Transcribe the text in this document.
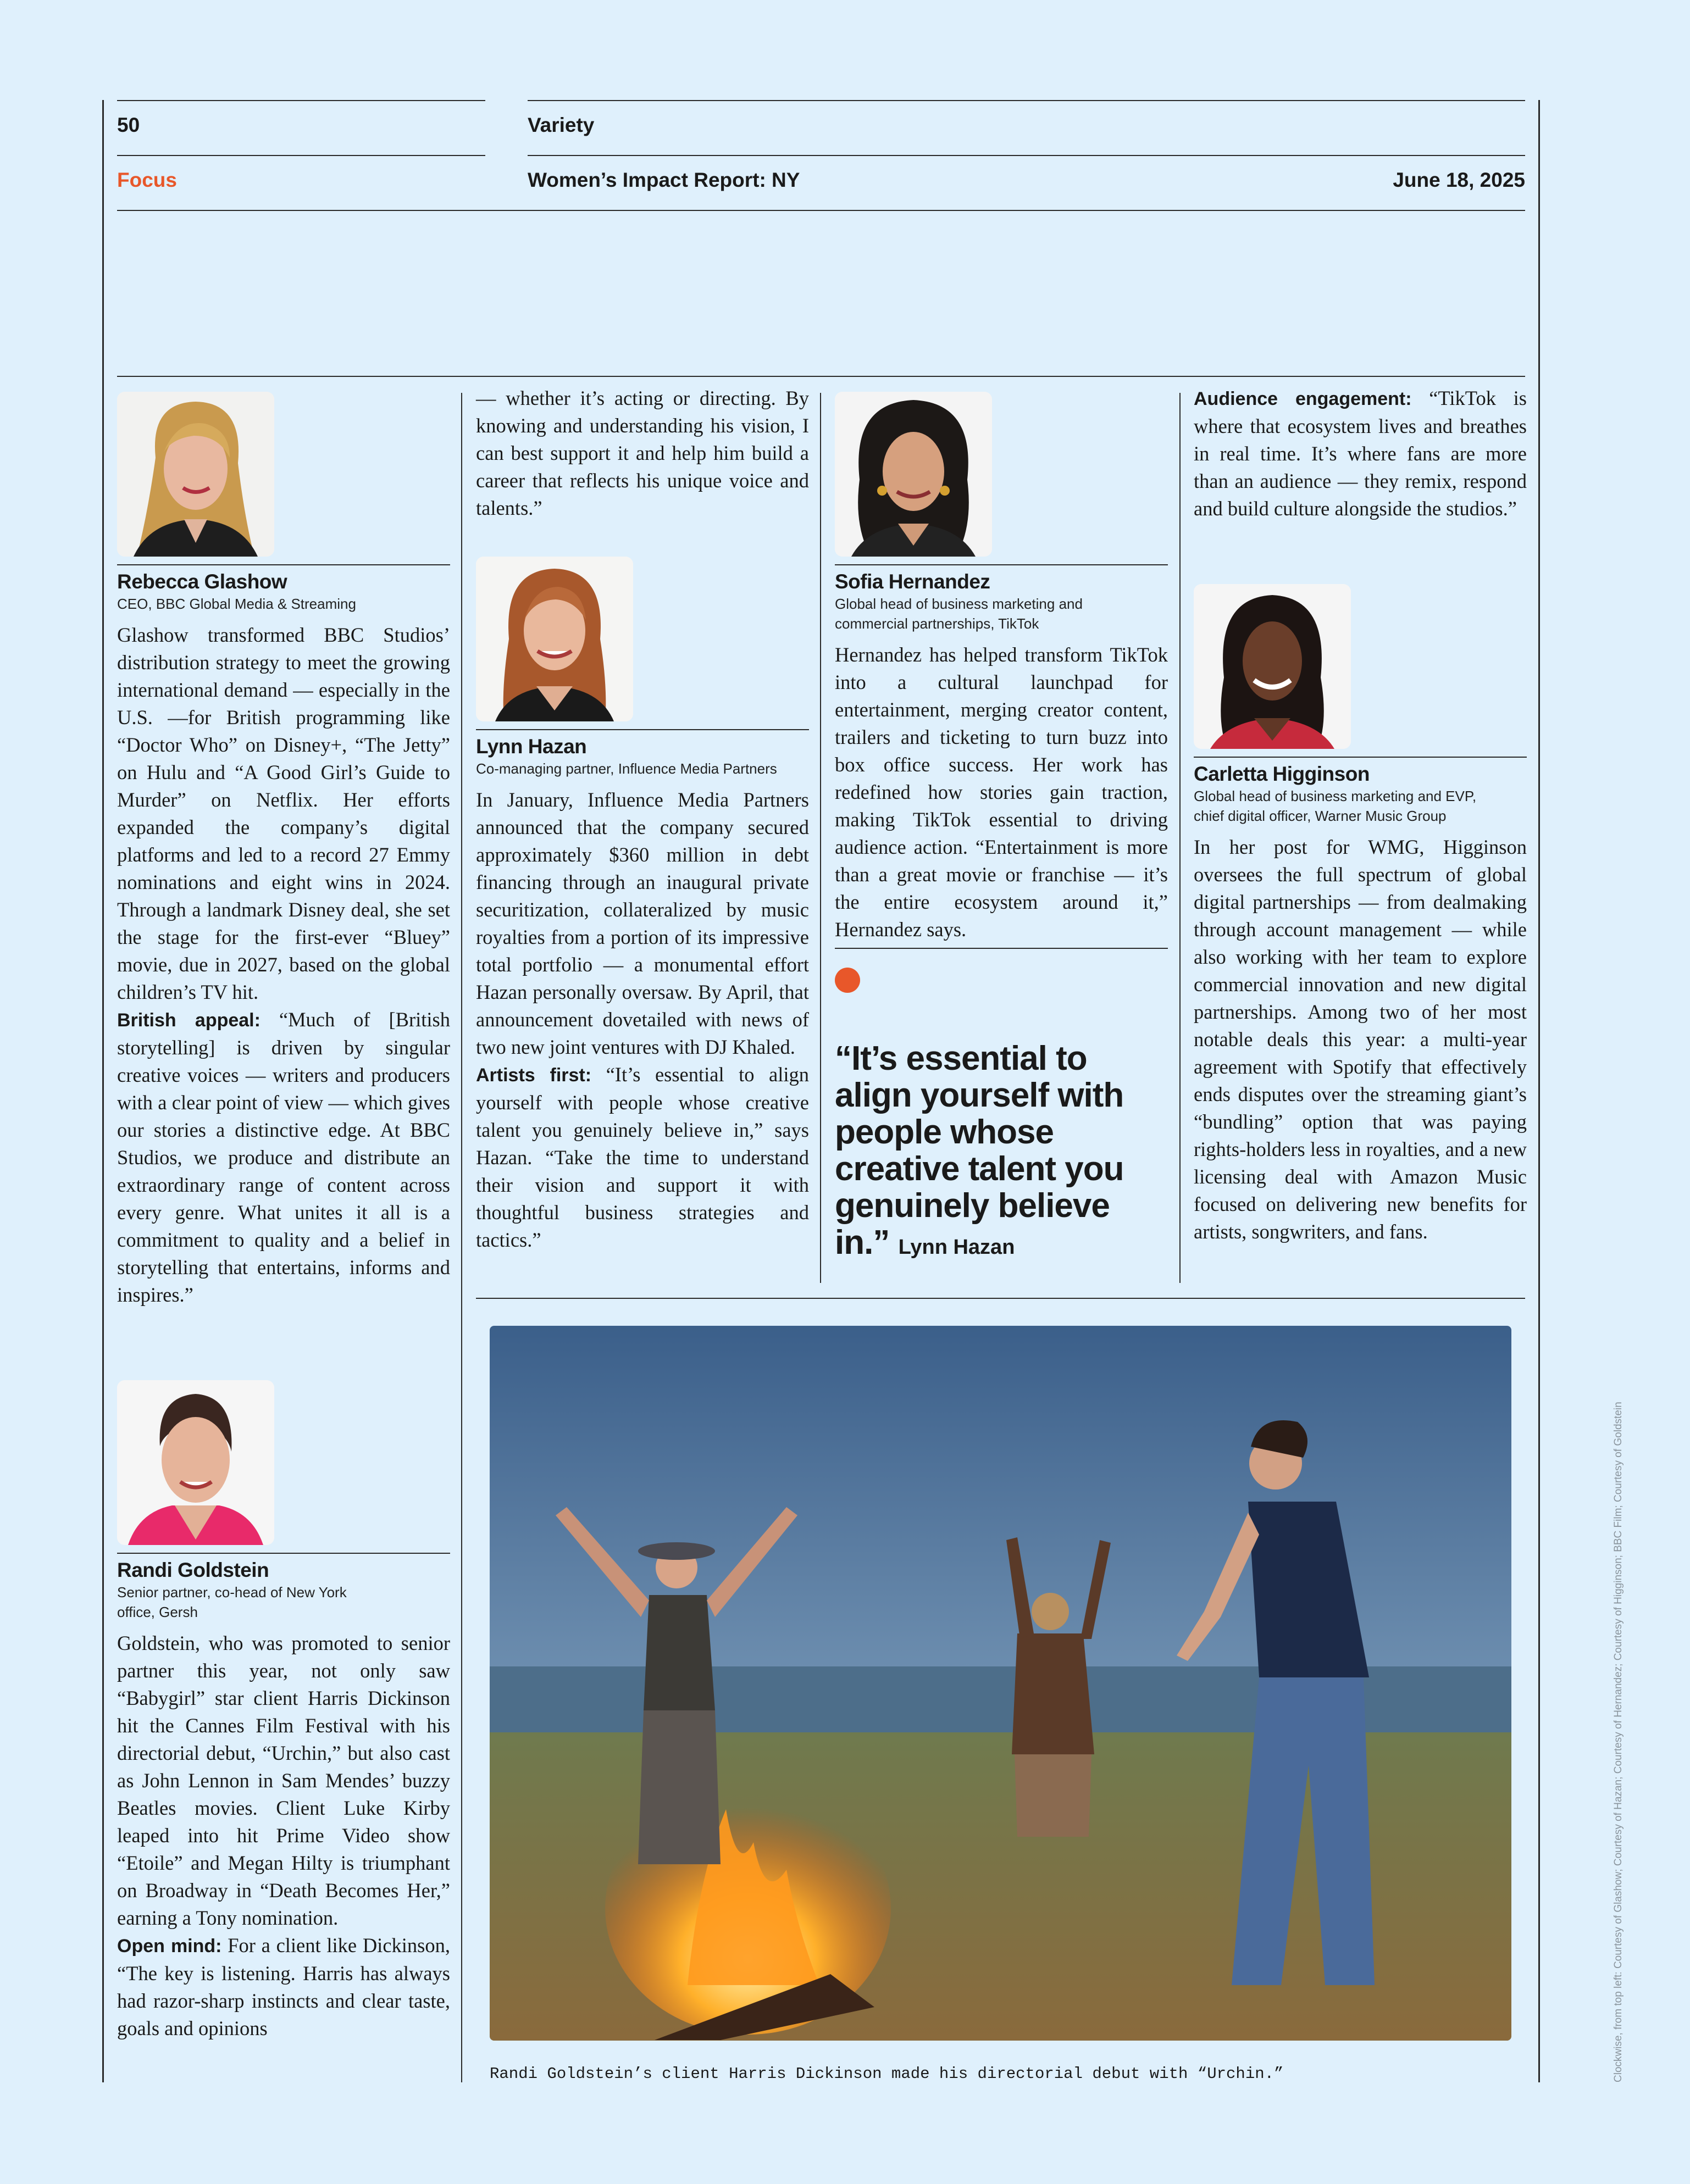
50	Variety
Focus	Women’s Impact Report: NY	June 18, 2025
Rebecca Glashow
CEO, BBC Global Media & Streaming
Glashow transformed BBC Studios’ distribution strategy to meet the growing international demand — especially in the U.S. —for British programming like “Doctor Who” on Disney+, “The Jetty” on Hulu and “A Good Girl’s Guide to Murder” on Netflix. Her efforts expanded the company’s digital platforms and led to a record 27 Emmy nominations and eight wins in 2024. Through a landmark Disney deal, she set the stage for the first-ever “Bluey” movie, due in 2027, based on the global children’s TV hit.
British appeal: “Much of [British storytelling] is driven by singular creative voices — writers and producers with a clear point of view — which gives our stories a distinctive edge. At BBC Studios, we produce and distribute an extraordinary range of content across every genre. What unites it all is a commitment to quality and a belief in storytelling that entertains, informs and inspires.”
Randi Goldstein
Senior partner, co-head of New York office, Gersh
Goldstein, who was promoted to senior partner this year, not only saw “Babygirl” star client Harris Dickinson hit the Cannes Film Festival with his directorial debut, “Urchin,” but also cast as John Lennon in Sam Mendes’ buzzy Beatles movies. Client Luke Kirby leaped into hit Prime Video show “Etoile” and Megan Hilty is triumphant on Broadway in “Death Becomes Her,” earning a Tony nomination.
Open mind: For a client like Dickinson, “The key is listening. Harris has always had razor-sharp instincts and clear taste, goals and opinions
— whether it’s acting or directing. By knowing and understanding his vision, I can best support it and help him build a career that reflects his unique voice and talents.”
Lynn Hazan
Co-managing partner, Influence Media Partners
In January, Influence Media Partners announced that the company secured approximately $360 million in debt financing through an inaugural private securitization, collateralized by music royalties from a portion of its impressive total portfolio — a monumental effort Hazan personally oversaw. By April, that announcement dovetailed with news of two new joint ventures with DJ Khaled.
Artists first: “It’s essential to align yourself with people whose creative talent you genuinely believe in,” says Hazan. “Take the time to understand their vision and support it with thoughtful business strategies and tactics.”
Sofia Hernandez
Global head of business marketing and commercial partnerships, TikTok
Hernandez has helped transform TikTok into a cultural launchpad for entertainment, merging creator content, trailers and ticketing to turn buzz into box office success. Her work has redefined how stories gain traction, making TikTok essential to driving audience action. “Entertainment is more than a great movie or franchise — it’s the entire ecosystem around it,” Hernandez says.
“It’s essential to align yourself with people whose creative talent you genuinely believe in.” Lynn Hazan
Audience engagement: “TikTok is where that ecosystem lives and breathes in real time. It’s where fans are more than an audience — they remix, respond and build culture alongside the studios.”
Carletta Higginson
Global head of business marketing and EVP, chief digital officer, Warner Music Group
In her post for WMG, Higginson oversees the full spectrum of global digital partnerships — from dealmaking through account management — while also working with her team to explore commercial innovation and new digital partnerships. Among two of her most notable deals this year: a multi-year agreement with Spotify that effectively ends disputes over the streaming giant’s “bundling” option that was paying rights-holders less in royalties, and a new licensing deal with Amazon Music focused on delivering new benefits for artists, songwriters, and fans.
Randi Goldstein’s client Harris Dickinson made his directorial debut with “Urchin.”	Clockwise, from top left: Courtesy of Glashow; Courtesy of Hazan; Courtesy of Hernandez; Courtesy of Higginson; BBC Film; Courtesy of Goldstein
